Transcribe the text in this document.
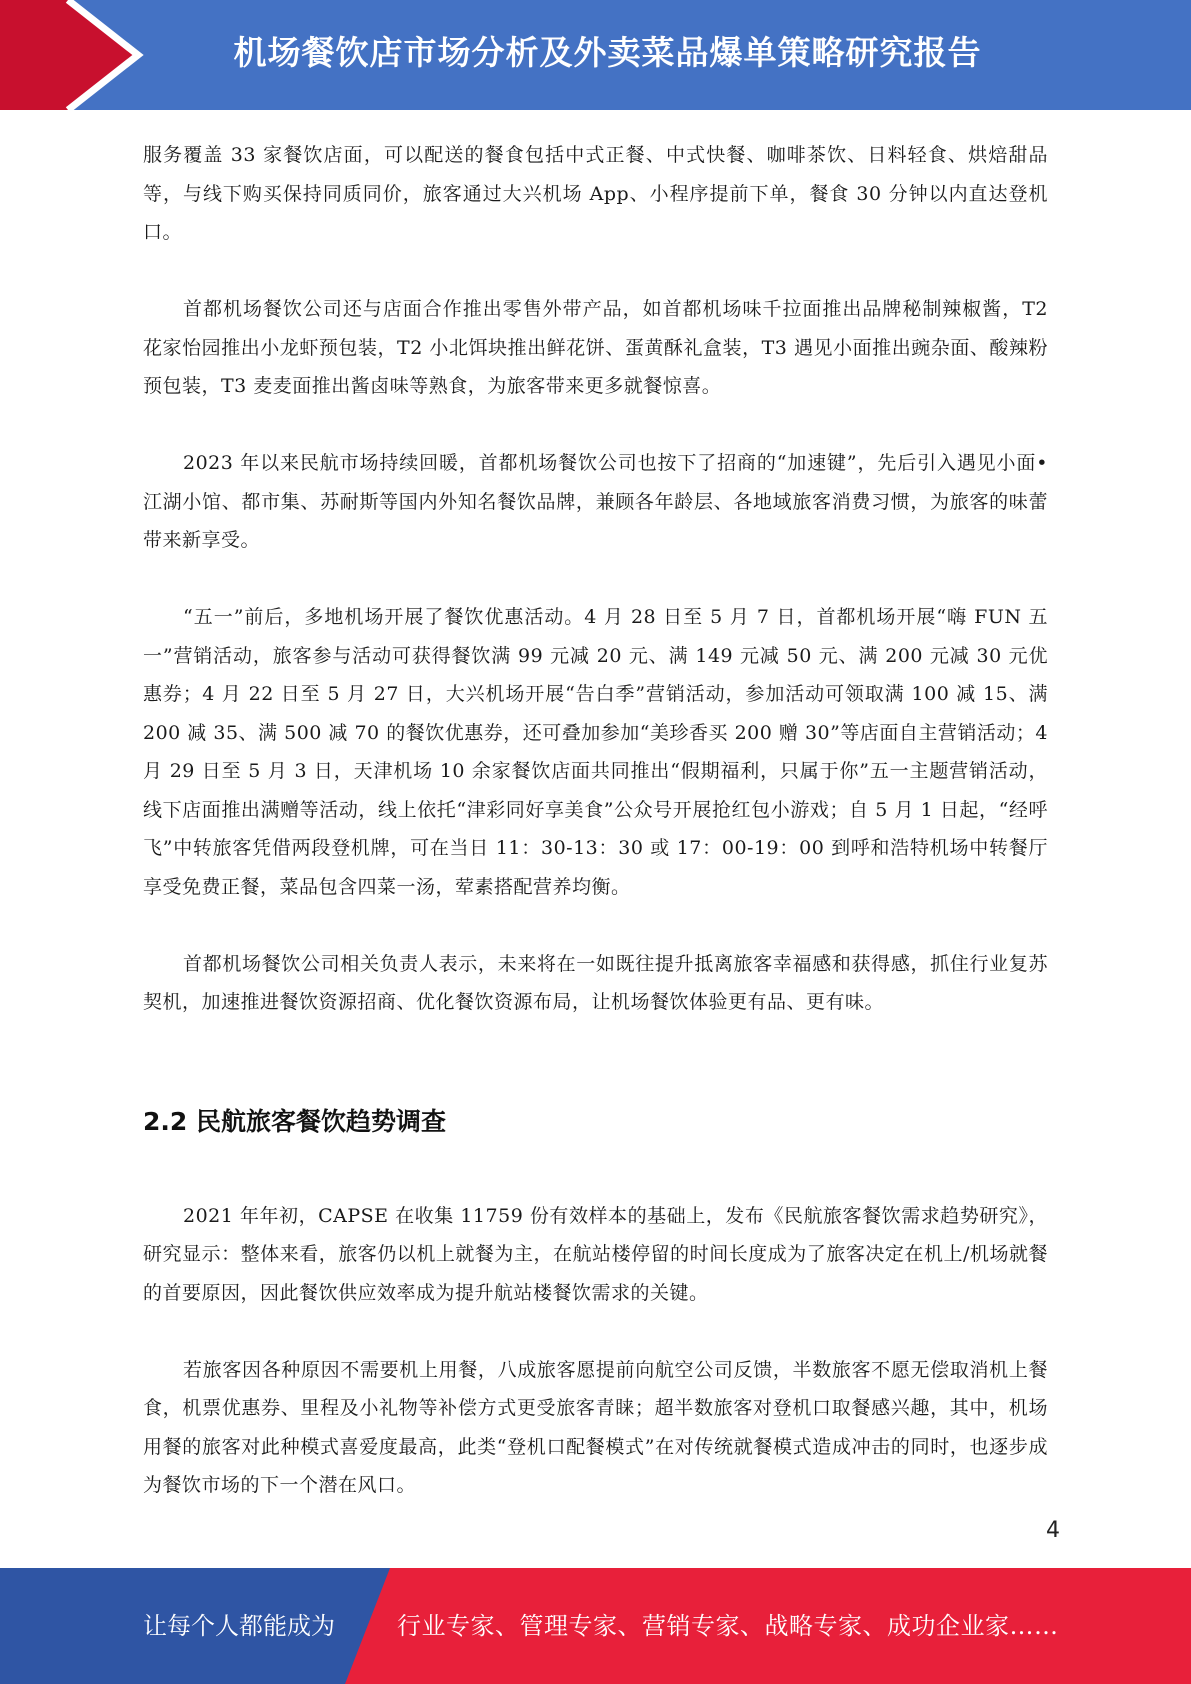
机场餐饮店市场分析及外卖菜品爆单策略研究报告

服务覆盖 33 家餐饮店面，可以配送的餐食包括中式正餐、中式快餐、咖啡茶饮、日料轻食、烘焙甜品等，与线下购买保持同质同价，旅客通过大兴机场 App、小程序提前下单，餐食 30 分钟以内直达登机口。

首都机场餐饮公司还与店面合作推出零售外带产品，如首都机场味千拉面推出品牌秘制辣椒酱，T2 花家怡园推出小龙虾预包装，T2 小北饵块推出鲜花饼、蛋黄酥礼盒装，T3 遇见小面推出豌杂面、酸辣粉预包装，T3 麦麦面推出酱卤味等熟食，为旅客带来更多就餐惊喜。

2023 年以来民航市场持续回暖，首都机场餐饮公司也按下了招商的“加速键”，先后引入遇见小面•江湖小馆、都市集、苏耐斯等国内外知名餐饮品牌，兼顾各年龄层、各地域旅客消费习惯，为旅客的味蕾带来新享受。

“五一”前后，多地机场开展了餐饮优惠活动。4 月 28 日至 5 月 7 日，首都机场开展“嗨 FUN 五一”营销活动，旅客参与活动可获得餐饮满 99 元减 20 元、满 149 元减 50 元、满 200 元减 30 元优惠券；4 月 22 日至 5 月 27 日，大兴机场开展“告白季”营销活动，参加活动可领取满 100 减 15、满 200 减 35、满 500 减 70 的餐饮优惠券，还可叠加参加“美珍香买 200 赠 30”等店面自主营销活动；4 月 29 日至 5 月 3 日，天津机场 10 余家餐饮店面共同推出“假期福利，只属于你”五一主题营销活动，线下店面推出满赠等活动，线上依托“津彩同好享美食”公众号开展抢红包小游戏；自 5 月 1 日起，“经呼飞”中转旅客凭借两段登机牌，可在当日 11：30-13：30 或 17：00-19：00 到呼和浩特机场中转餐厅享受免费正餐，菜品包含四菜一汤，荤素搭配营养均衡。

首都机场餐饮公司相关负责人表示，未来将在一如既往提升抵离旅客幸福感和获得感，抓住行业复苏契机，加速推进餐饮资源招商、优化餐饮资源布局，让机场餐饮体验更有品、更有味。

2.2 民航旅客餐饮趋势调查

2021 年年初，CAPSE 在收集 11759 份有效样本的基础上，发布《民航旅客餐饮需求趋势研究》，研究显示：整体来看，旅客仍以机上就餐为主，在航站楼停留的时间长度成为了旅客决定在机上/机场就餐的首要原因，因此餐饮供应效率成为提升航站楼餐饮需求的关键。

若旅客因各种原因不需要机上用餐，八成旅客愿提前向航空公司反馈，半数旅客不愿无偿取消机上餐食，机票优惠券、里程及小礼物等补偿方式更受旅客青睐；超半数旅客对登机口取餐感兴趣，其中，机场用餐的旅客对此种模式喜爱度最高，此类“登机口配餐模式”在对传统就餐模式造成冲击的同时，也逐步成为餐饮市场的下一个潜在风口。

4
让每个人都能成为	行业专家、管理专家、营销专家、战略专家、成功企业家……
